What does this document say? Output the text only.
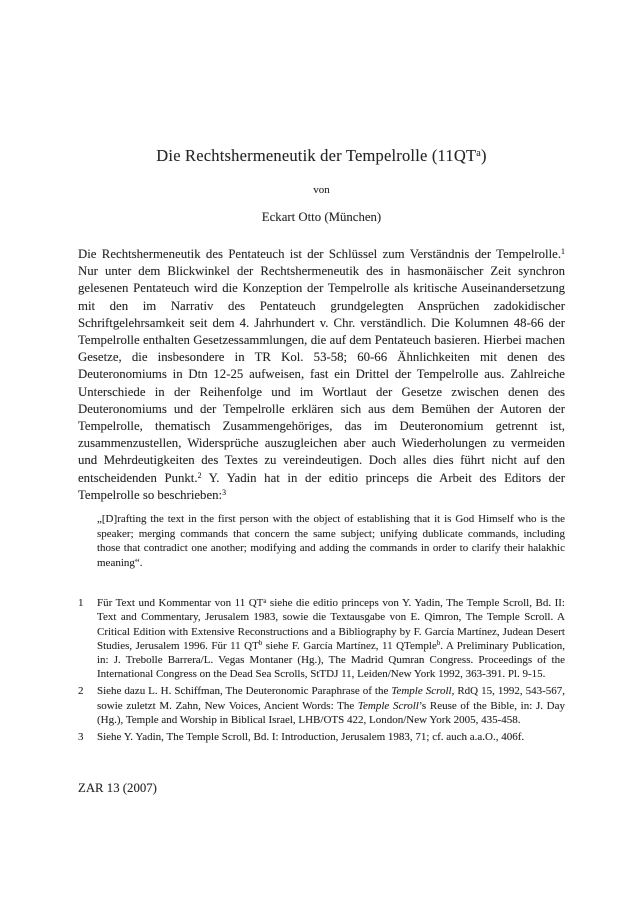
Die Rechtshermeneutik der Tempelrolle $(11QT^a)$
von
Eckart Otto (München)

Die Rechtshermeneutik des Pentateuch ist der Schlüssel zum Verständnis der Tempelrolle.$^1$ Nur unter dem Blickwinkel der Rechtshermeneutik des in hasmonäischer Zeit synchron gelesenen Pentateuch wird die Konzeption der Tempelrolle als kritische Auseinandersetzung mit den im Narrativ des Pentateuch grundgelegten Ansprüchen zadokidischer Schriftgelehrsamkeit seit dem 4. Jahrhundert v. Chr. verständlich. Die Kolumnen 48-66 der Tempelrolle enthalten Gesetzessammlungen, die auf dem Pentateuch basieren. Hierbei machen Gesetze, die insbesondere in TR Kol. 53-58; 60-66 Ähnlichkeiten mit denen des Deuteronomiums in Dtn 12-25 aufweisen, fast ein Drittel der Tempelrolle aus. Zahlreiche Unterschiede in der Reihenfolge und im Wortlaut der Gesetze zwischen denen des Deuteronomiums und der Tempelrolle erklären sich aus dem Bemühen der Autoren der Tempelrolle, thematisch Zusammengehöriges, das im Deuteronomium getrennt ist, zusammenzustellen, Widersprüche auszugleichen aber auch Wiederholungen zu vermeiden und Mehrdeutigkeiten des Textes zu vereindeutigen. Doch alles dies führt nicht auf den entscheidenden Punkt.$^2$ Y. Yadin hat in der editio princeps die Arbeit des Editors der Tempelrolle so beschrieben:$^3$

„[D]rafting the text in the first person with the object of establishing that it is God Himself who is the speaker; merging commands that concern the same subject; unifying dublicate commands, including those that contradict one another; modifying and adding the commands in order to clarify their halakhic meaning“.
1	Für Text und Kommentar von 11 $QT^a$ siehe die editio princeps von Y. Yadin, The Temple Scroll, Bd. II: Text and Commentary, Jerusalem 1983, sowie die Textausgabe von E. Qimron, The Temple Scroll. A Critical Edition with Extensive Reconstructions and a Bibliography by F. García Martínez, Judean Desert Studies, Jerusalem 1996. Für 11 $QT^b$ siehe F. García Martínez, 11 QTemple$^b$. A Preliminary Publication, in: J. Trebolle Barrera/L. Vegas Montaner (Hg.), The Madrid Qumran Congress. Proceedings of the International Congress on the Dead Sea Scrolls, StTDJ 11, Leiden/New York 1992, 363-391. Pl. 9-15.
2	Siehe dazu L. H. Schiffman, The Deuteronomic Paraphrase of the Temple Scroll, RdQ 15, 1992, 543-567, sowie zuletzt M. Zahn, New Voices, Ancient Words: The Temple Scroll’s Reuse of the Bible, in: J. Day (Hg.), Temple and Worship in Biblical Israel, LHB/OTS 422, London/New York 2005, 435-458.
3	Siehe Y. Yadin, The Temple Scroll, Bd. I: Introduction, Jerusalem 1983, 71; cf. auch a.a.O., 406f.
ZAR 13 (2007)
